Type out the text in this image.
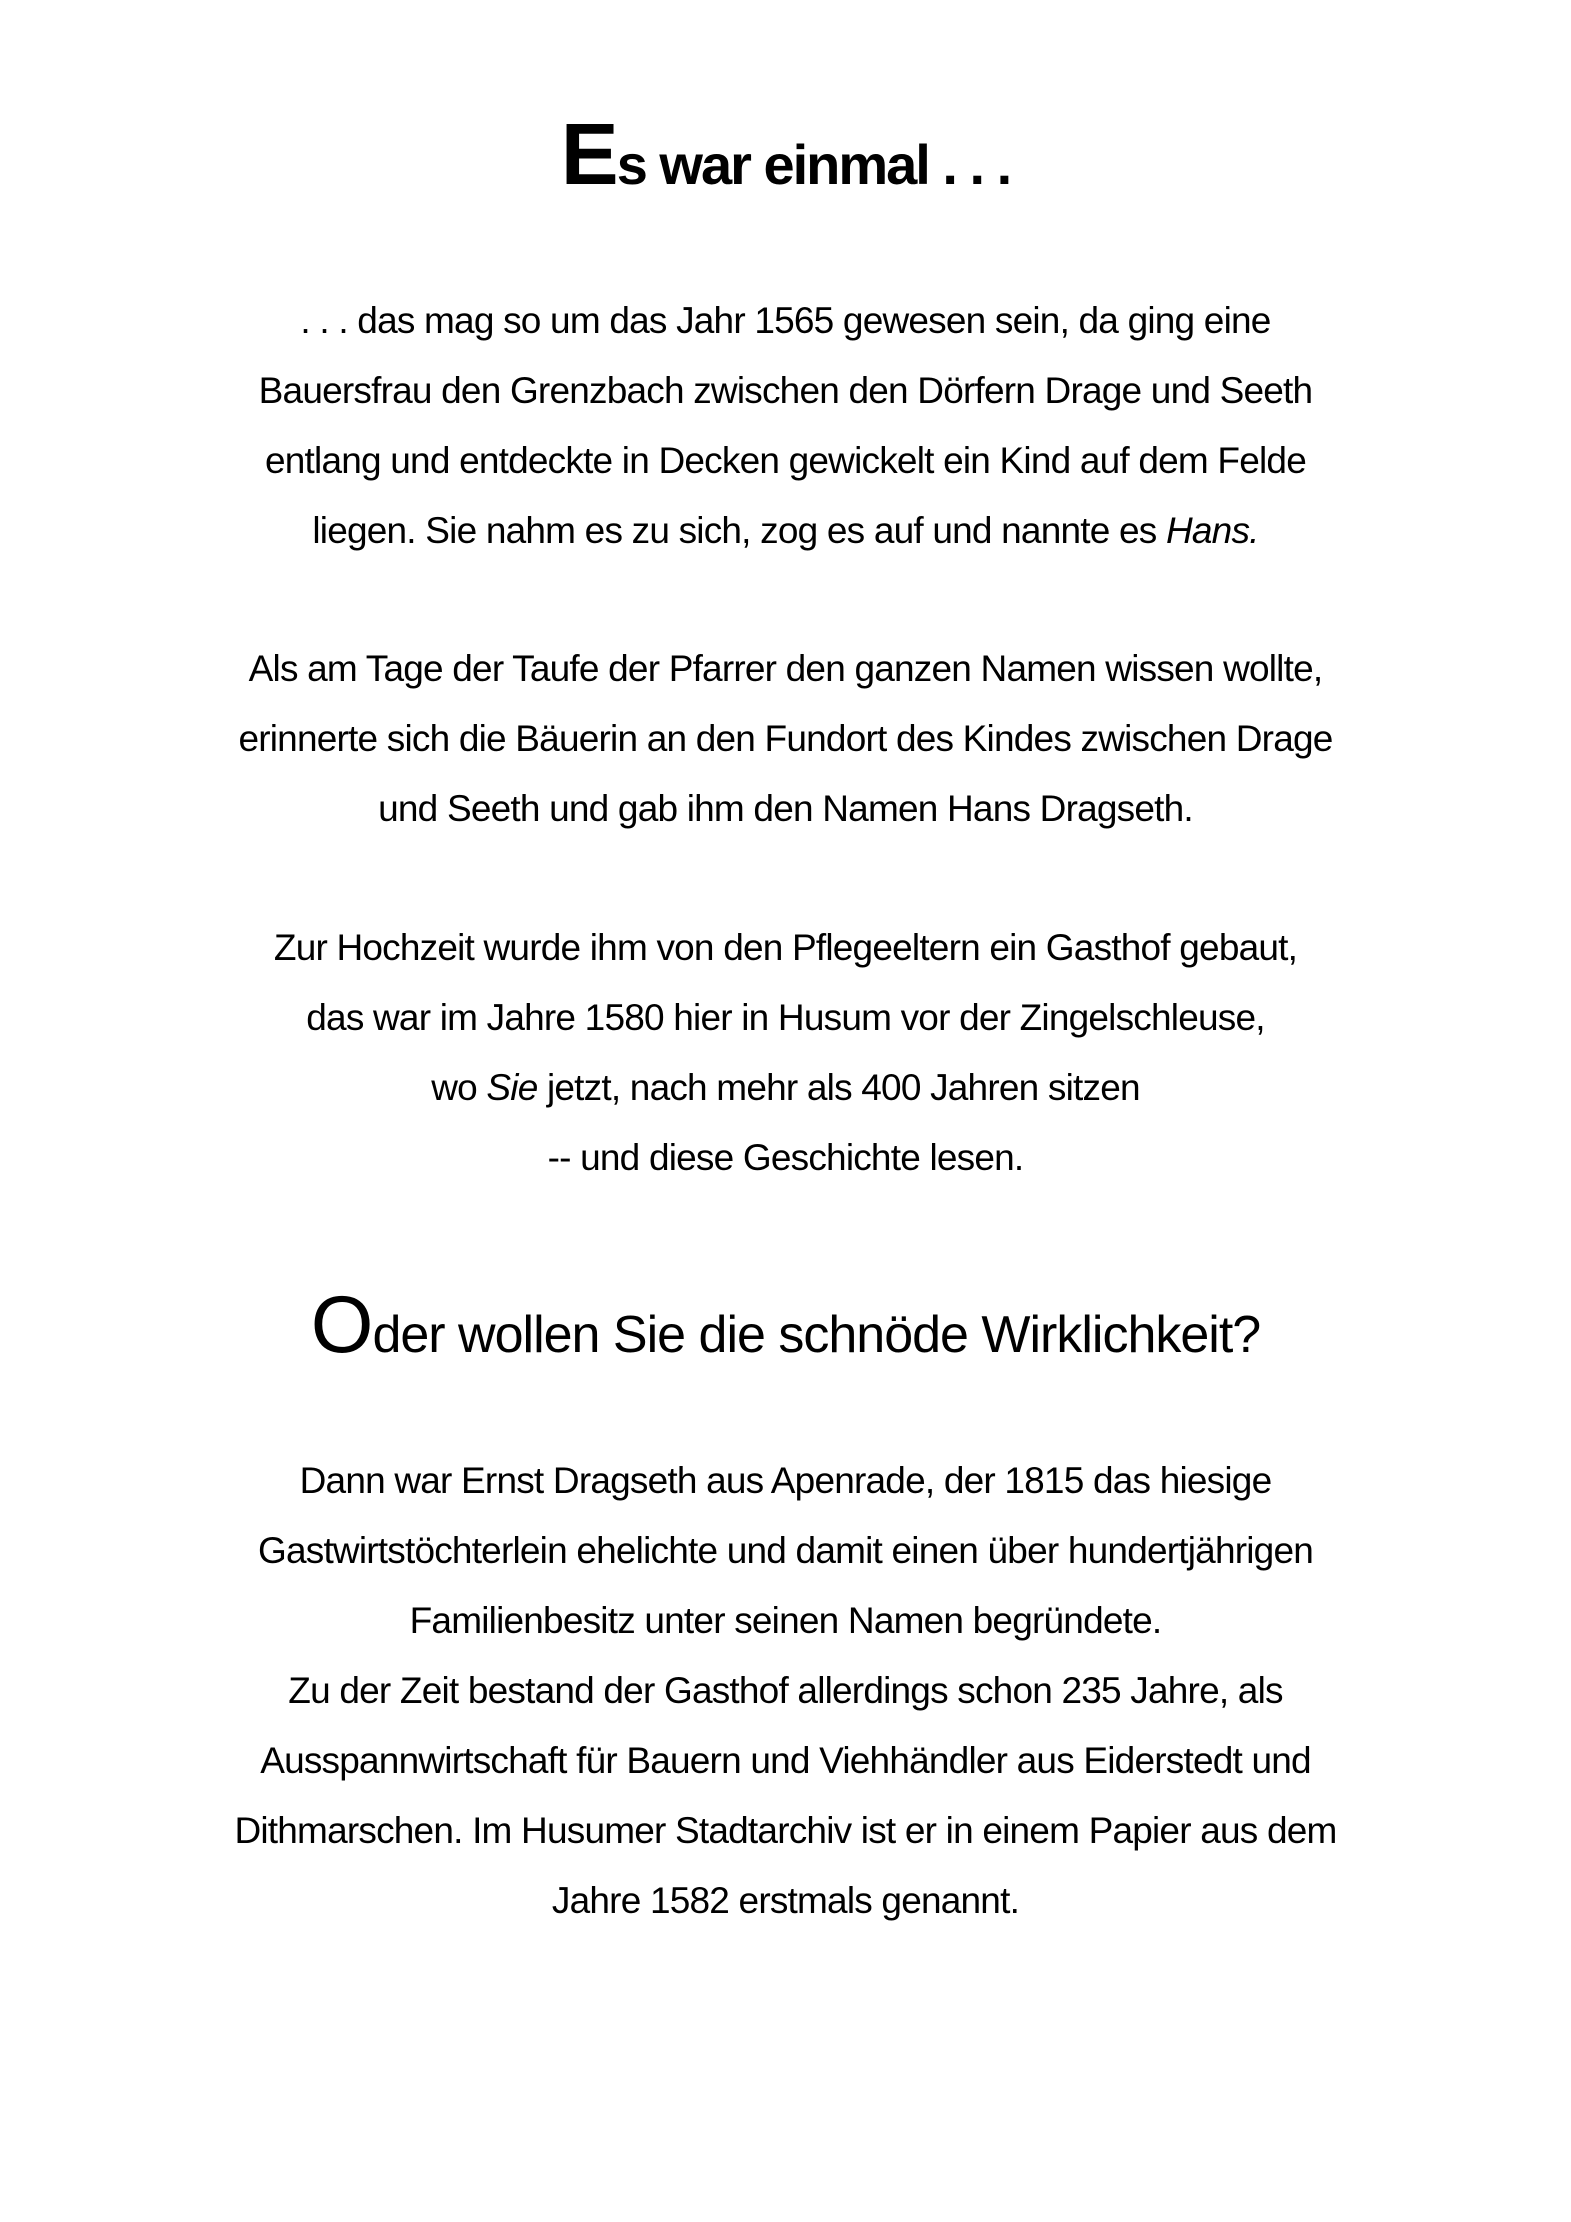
Es war einmal . . .
. . . das mag so um das Jahr 1565 gewesen sein, da ging eine
Bauersfrau den Grenzbach zwischen den Dörfern Drage und Seeth
entlang und entdeckte in Decken gewickelt ein Kind auf dem Felde
liegen. Sie nahm es zu sich, zog es auf und nannte es Hans.
Als am Tage der Taufe der Pfarrer den ganzen Namen wissen wollte,
erinnerte sich die Bäuerin an den Fundort des Kindes zwischen Drage
und Seeth und gab ihm den Namen Hans Dragseth.
Zur Hochzeit wurde ihm von den Pflegeeltern ein Gasthof gebaut,
das war im Jahre 1580 hier in Husum vor der Zingelschleuse,
wo Sie jetzt, nach mehr als 400 Jahren sitzen
-- und diese Geschichte lesen.
Oder wollen Sie die schnöde Wirklichkeit?
Dann war Ernst Dragseth aus Apenrade, der 1815 das hiesige
Gastwirtstöchterlein ehelichte und damit einen über hundertjährigen
Familienbesitz unter seinen Namen begründete.
Zu der Zeit bestand der Gasthof allerdings schon 235 Jahre, als
Ausspannwirtschaft für Bauern und Viehhändler aus Eiderstedt und
Dithmarschen. Im Husumer Stadtarchiv ist er in einem Papier aus dem
Jahre 1582 erstmals genannt.
